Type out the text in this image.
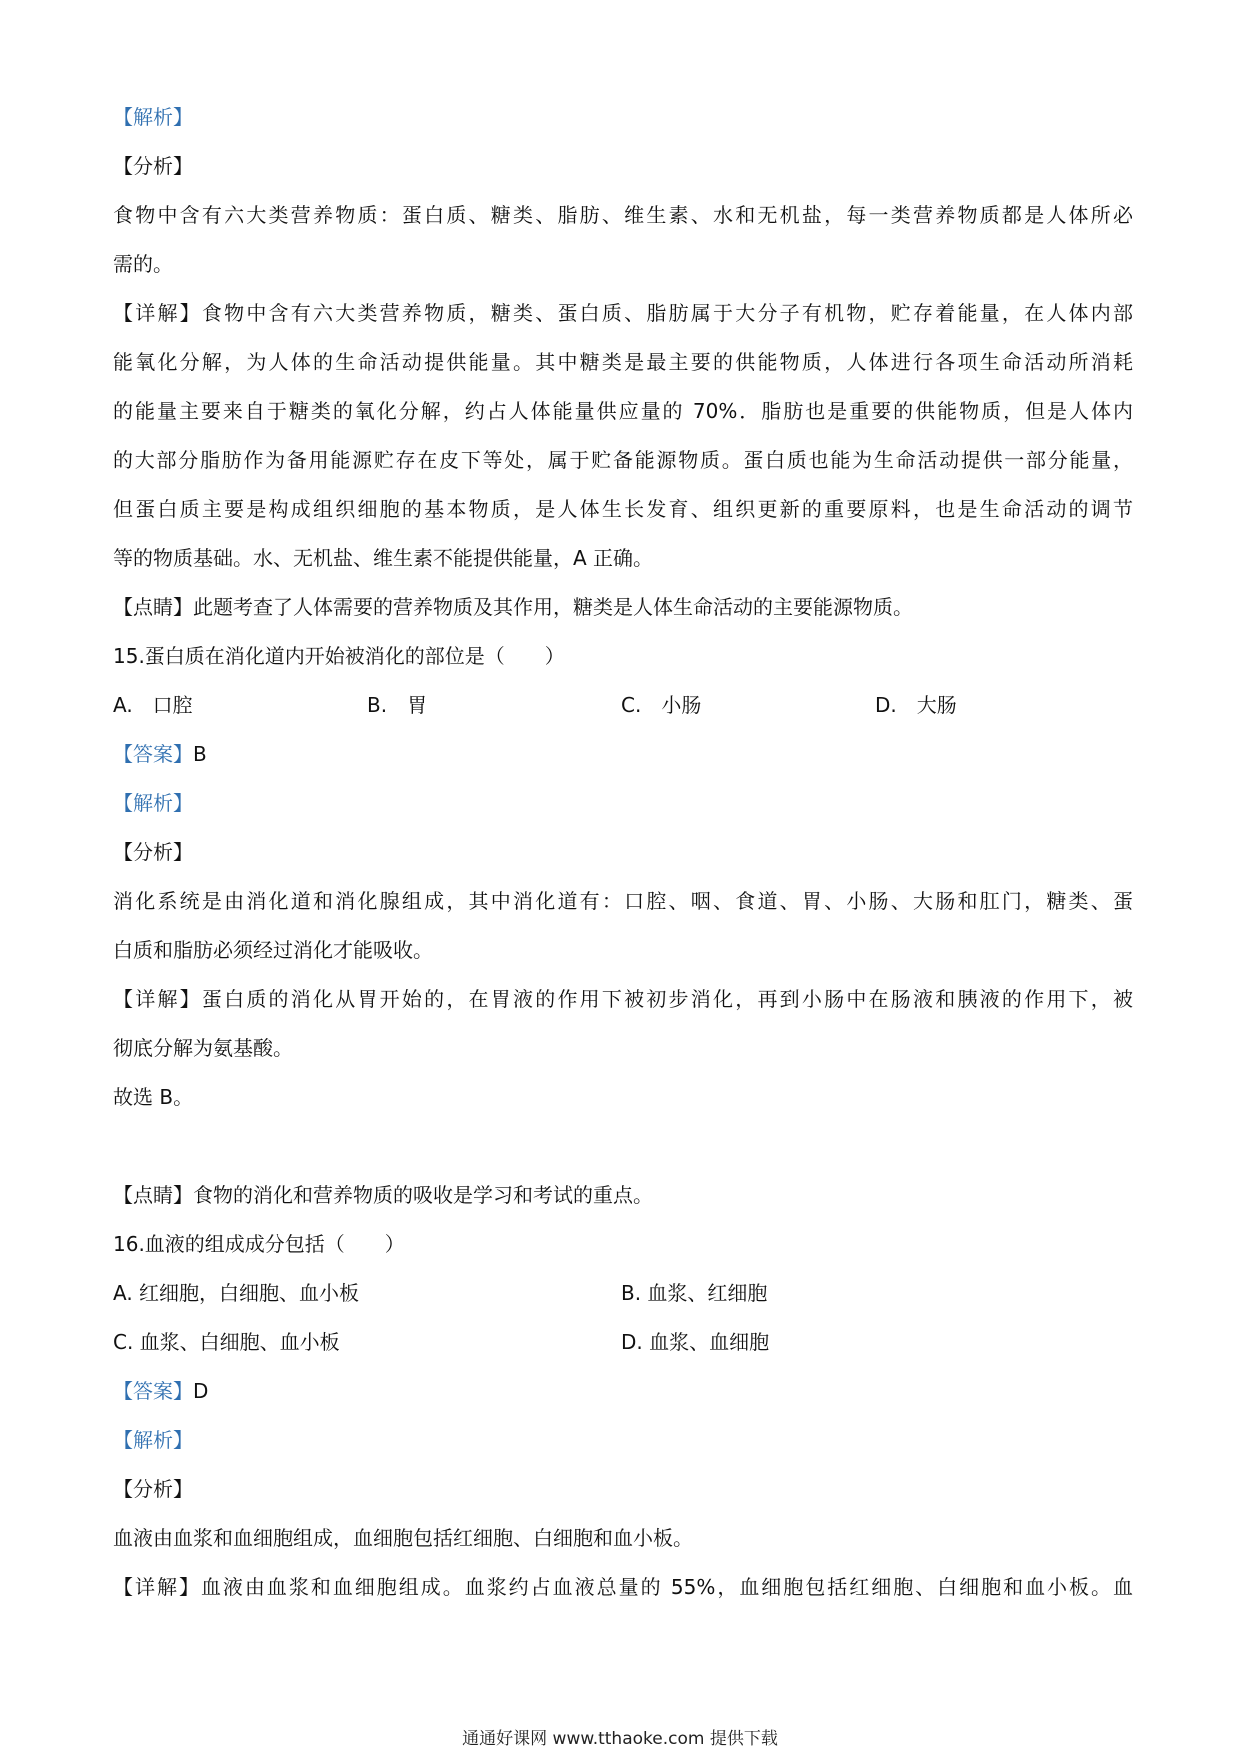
【解析】
【分析】
食物中含有六大类营养物质：蛋白质、糖类、脂肪、维生素、水和无机盐，每一类营养物质都是人体所必
需的。
【详解】食物中含有六大类营养物质，糖类、蛋白质、脂肪属于大分子有机物，贮存着能量，在人体内部
能氧化分解，为人体的生命活动提供能量。其中糖类是最主要的供能物质，人体进行各项生命活动所消耗
的能量主要来自于糖类的氧化分解，约占人体能量供应量的 70%．脂肪也是重要的供能物质，但是人体内
的大部分脂肪作为备用能源贮存在皮下等处，属于贮备能源物质。蛋白质也能为生命活动提供一部分能量，
但蛋白质主要是构成组织细胞的基本物质，是人体生长发育、组织更新的重要原料，也是生命活动的调节
等的物质基础。水、无机盐、维生素不能提供能量，A 正确。
【点睛】此题考查了人体需要的营养物质及其作用，糖类是人体生命活动的主要能源物质。
15.蛋白质在消化道内开始被消化的部位是（　　）
A.　口腔	B.　胃	C.　小肠	D.　大肠
【答案】B
【解析】
【分析】
消化系统是由消化道和消化腺组成，其中消化道有：口腔、咽、食道、胃、小肠、大肠和肛门，糖类、蛋
白质和脂肪必须经过消化才能吸收。
【详解】蛋白质的消化从胃开始的，在胃液的作用下被初步消化，再到小肠中在肠液和胰液的作用下，被
彻底分解为氨基酸。
故选 B。
【点睛】食物的消化和营养物质的吸收是学习和考试的重点。
16.血液的组成成分包括（　　）
A. 红细胞，白细胞、血小板	B. 血浆、红细胞
C. 血浆、白细胞、血小板	D. 血浆、血细胞
【答案】D
【解析】
【分析】
血液由血浆和血细胞组成，血细胞包括红细胞、白细胞和血小板。
【详解】血液由血浆和血细胞组成。血浆约占血液总量的 55%，血细胞包括红细胞、白细胞和血小板。血
通通好课网 www.tthaoke.com 提供下载
